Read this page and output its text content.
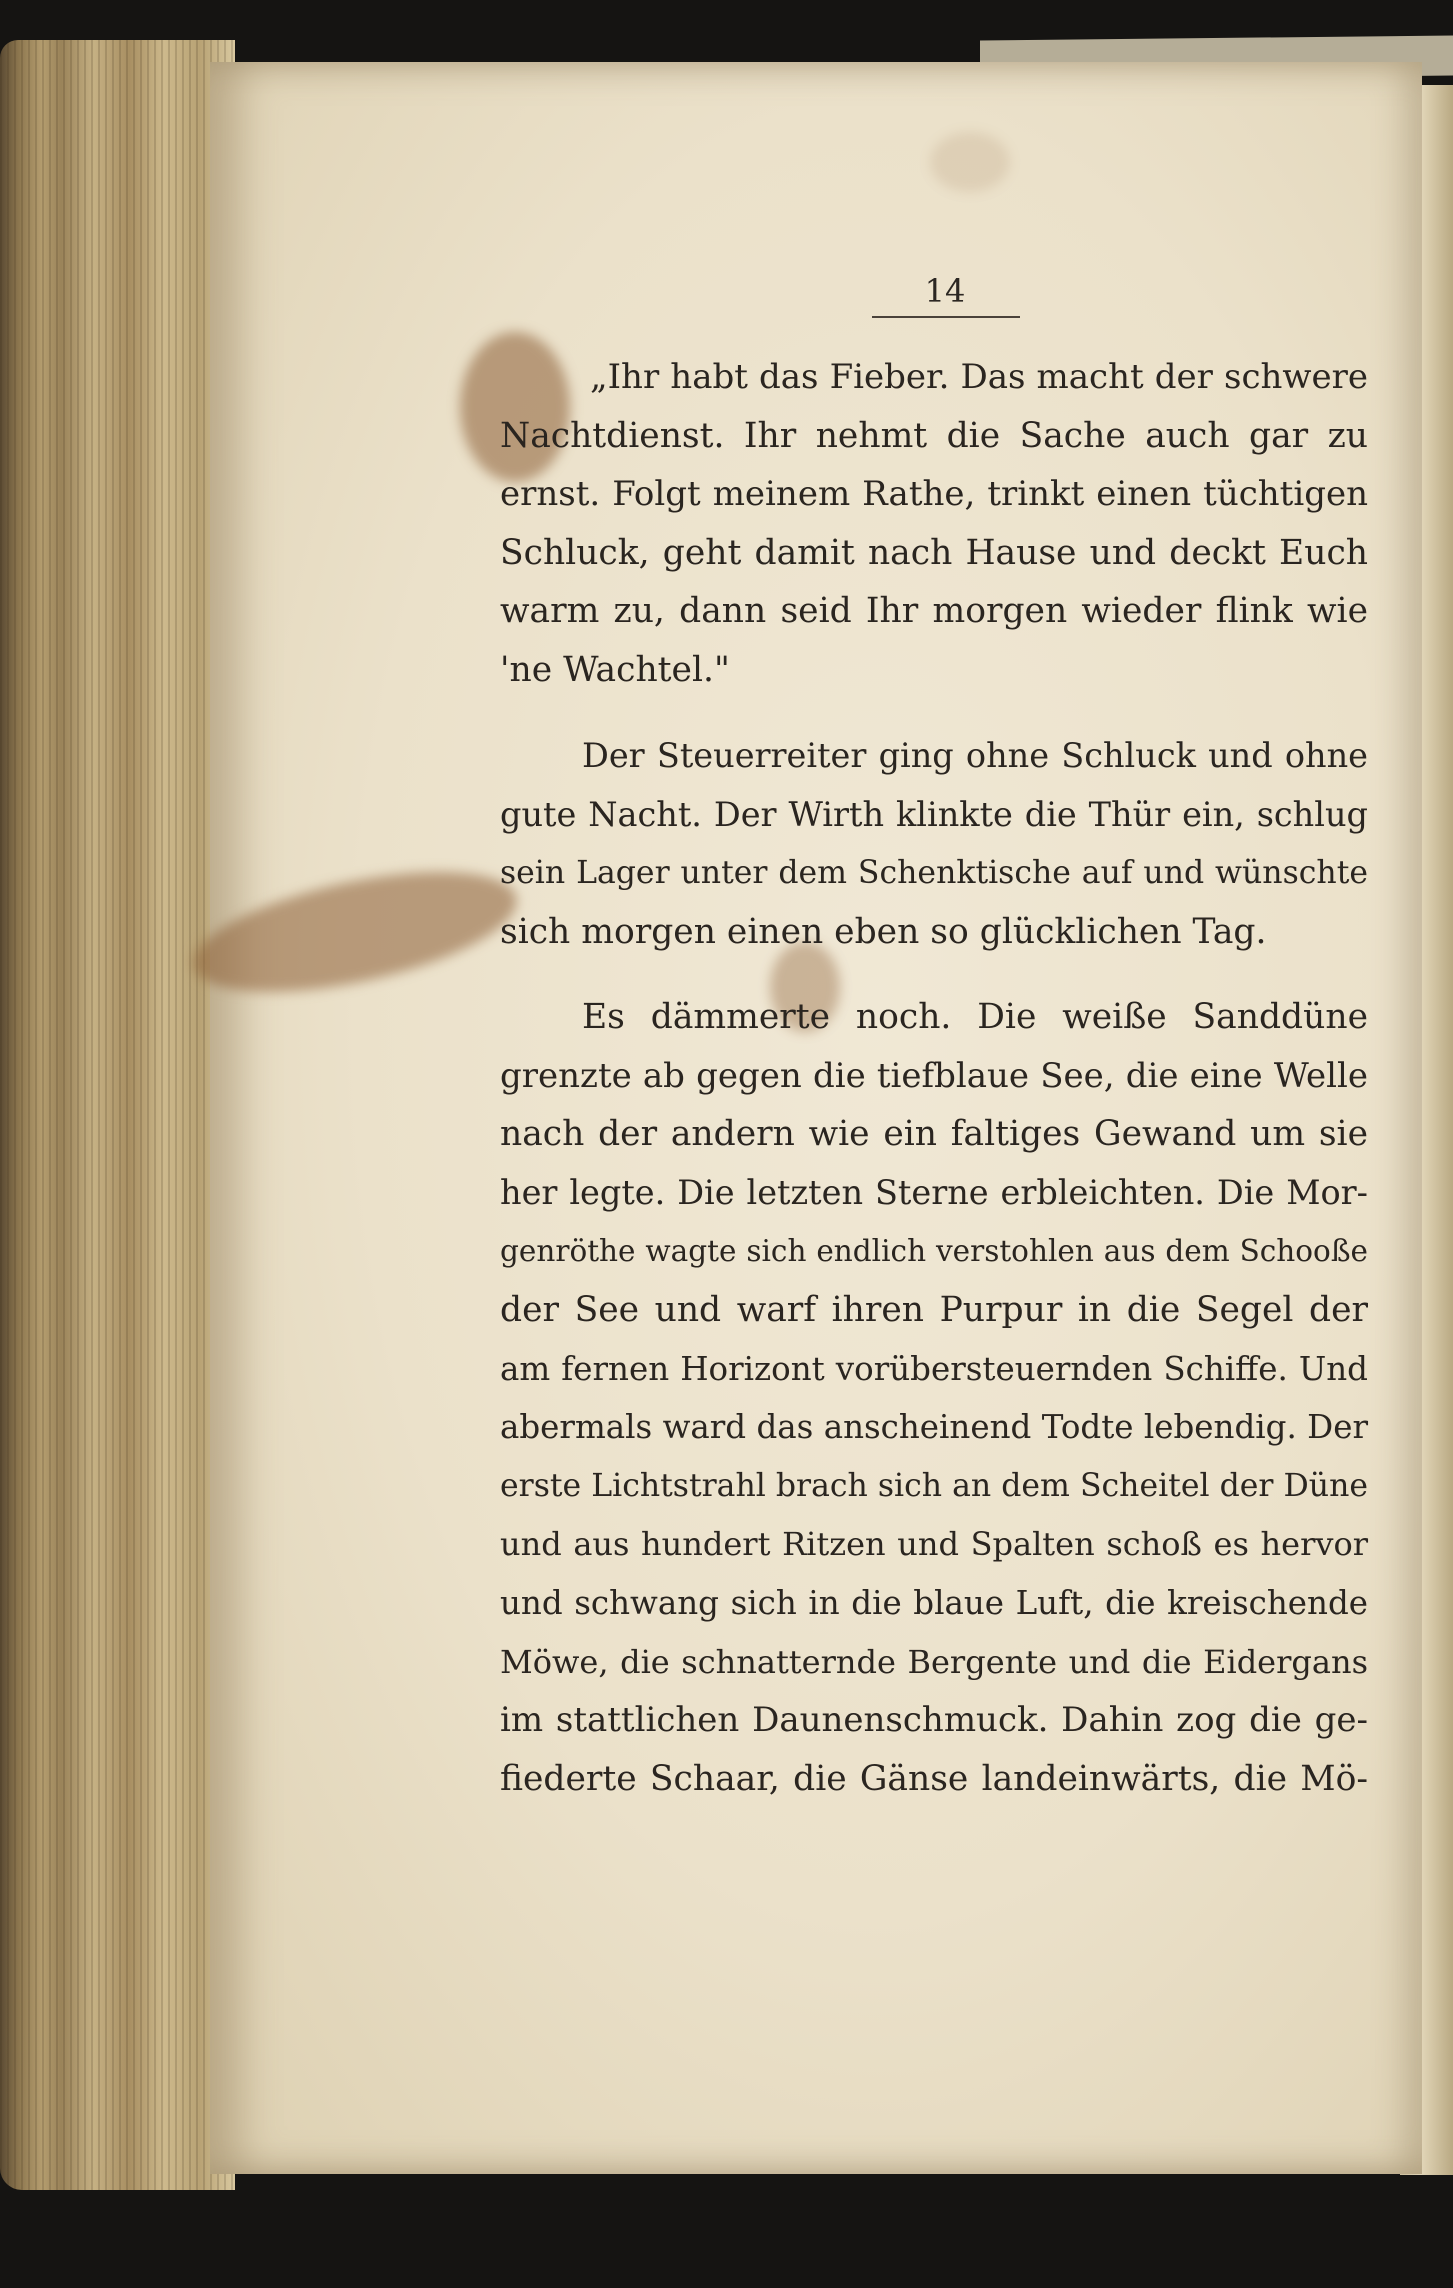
14
„Ihr habt das Fieber. Das macht der schwere
Nachtdienst. Ihr nehmt die Sache auch gar zu
ernst. Folgt meinem Rathe, trinkt einen tüchtigen
Schluck, geht damit nach Hause und deckt Euch
warm zu, dann seid Ihr morgen wieder flink wie
'ne Wachtel."
Der Steuerreiter ging ohne Schluck und ohne
gute Nacht. Der Wirth klinkte die Thür ein, schlug
sein Lager unter dem Schenktische auf und wünschte
sich morgen einen eben so glücklichen Tag.
Es dämmerte noch. Die weiße Sanddüne
grenzte ab gegen die tiefblaue See, die eine Welle
nach der andern wie ein faltiges Gewand um sie
her legte. Die letzten Sterne erbleichten. Die Mor-
genröthe wagte sich endlich verstohlen aus dem Schooße
der See und warf ihren Purpur in die Segel der
am fernen Horizont vorübersteuernden Schiffe. Und
abermals ward das anscheinend Todte lebendig. Der
erste Lichtstrahl brach sich an dem Scheitel der Düne
und aus hundert Ritzen und Spalten schoß es hervor
und schwang sich in die blaue Luft, die kreischende
Möwe, die schnatternde Bergente und die Eidergans
im stattlichen Daunenschmuck. Dahin zog die ge-
fiederte Schaar, die Gänse landeinwärts, die Mö-
